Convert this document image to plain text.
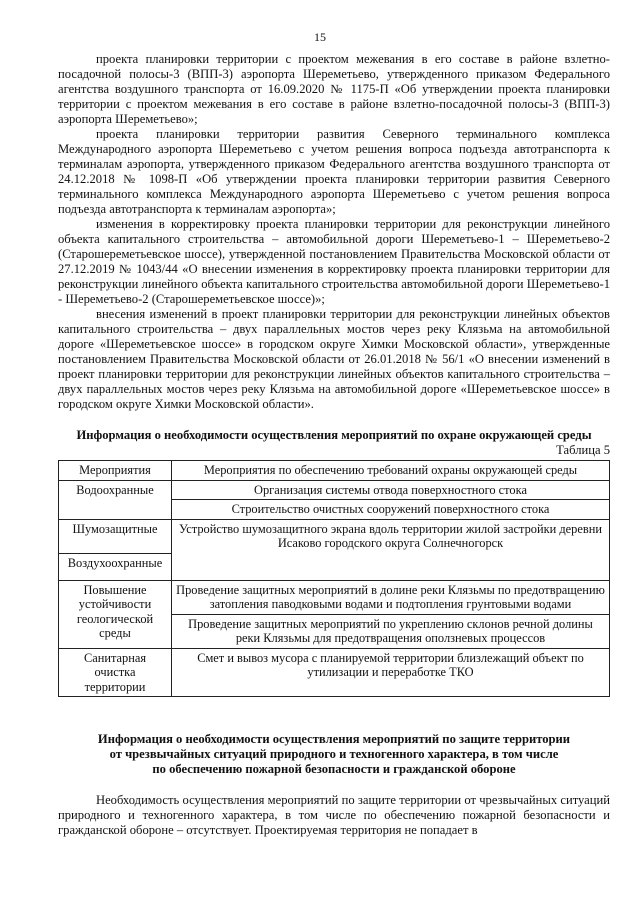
15

проекта планировки территории с проектом межевания в его составе в районе взлетно-посадочной полосы-3 (ВПП-3) аэропорта Шереметьево, утвержденного приказом Федерального агентства воздушного транспорта от 16.09.2020 № 1175-П «Об утверждении проекта планировки территории с проектом межевания в его составе в районе взлетно-посадочной полосы-3 (ВПП-3) аэропорта Шереметьево»;

проекта планировки территории развития Северного терминального комплекса Международного аэропорта Шереметьево с учетом решения вопроса подъезда автотранспорта к терминалам аэропорта, утвержденного приказом Федерального агентства воздушного транспорта от 24.12.2018 № 1098-П «Об утверждении проекта планировки территории развития Северного терминального комплекса Международного аэропорта Шереметьево с учетом решения вопроса подъезда автотранспорта к терминалам аэропорта»;

изменения в корректировку проекта планировки территории для реконструкции линейного объекта капитального строительства – автомобильной дороги Шереметьево-1 – Шереметьево-2 (Старошереметьевское шоссе), утвержденной постановлением Правительства Московской области от 27.12.2019 № 1043/44 «О внесении изменения в корректировку проекта планировки территории для реконструкции линейного объекта капитального строительства автомобильной дороги Шереметьево-1 - Шереметьево-2 (Старошереметьевское шоссе)»;

внесения изменений в проект планировки территории для реконструкции линейных объектов капитального строительства – двух параллельных мостов через реку Клязьма на автомобильной дороге «Шереметьевское шоссе» в городском округе Химки Московской области», утвержденные постановлением Правительства Московской области от 26.01.2018 № 56/1 «О внесении изменений в проект планировки территории для реконструкции линейных объектов капитального строительства – двух параллельных мостов через реку Клязьма на автомобильной дороге «Шереметьевское шоссе» в городском округе Химки Московской области».

Информация о необходимости осуществления мероприятий по охране окружающей среды
Таблица 5
Мероприятия	Мероприятия по обеспечению требований охраны окружающей среды
Водоохранные	Организация системы отвода поверхностного стока
	Строительство очистных сооружений поверхностного стока
Шумозащитные	Устройство шумозащитного экрана вдоль территории жилой застройки деревни Исаково городского округа Солнечногорск
Воздухоохранные	
Повышение устойчивости геологической среды	Проведение защитных мероприятий в долине реки Клязьмы по предотвращению затопления паводковыми водами и подтопления грунтовыми водами
	Проведение защитных мероприятий по укреплению склонов речной долины реки Клязьмы для предотвращения оползневых процессов
Санитарная очистка территории	Смет и вывоз мусора с планируемой территории близлежащий объект по утилизации и переработке ТКО
Информация о необходимости осуществления мероприятий по защите территории
от чрезвычайных ситуаций природного и техногенного характера, в том числе
по обеспечению пожарной безопасности и гражданской обороне

Необходимость осуществления мероприятий по защите территории от чрезвычайных ситуаций природного и техногенного характера, в том числе по обеспечению пожарной безопасности и гражданской обороне – отсутствует. Проектируемая территория не попадает в
